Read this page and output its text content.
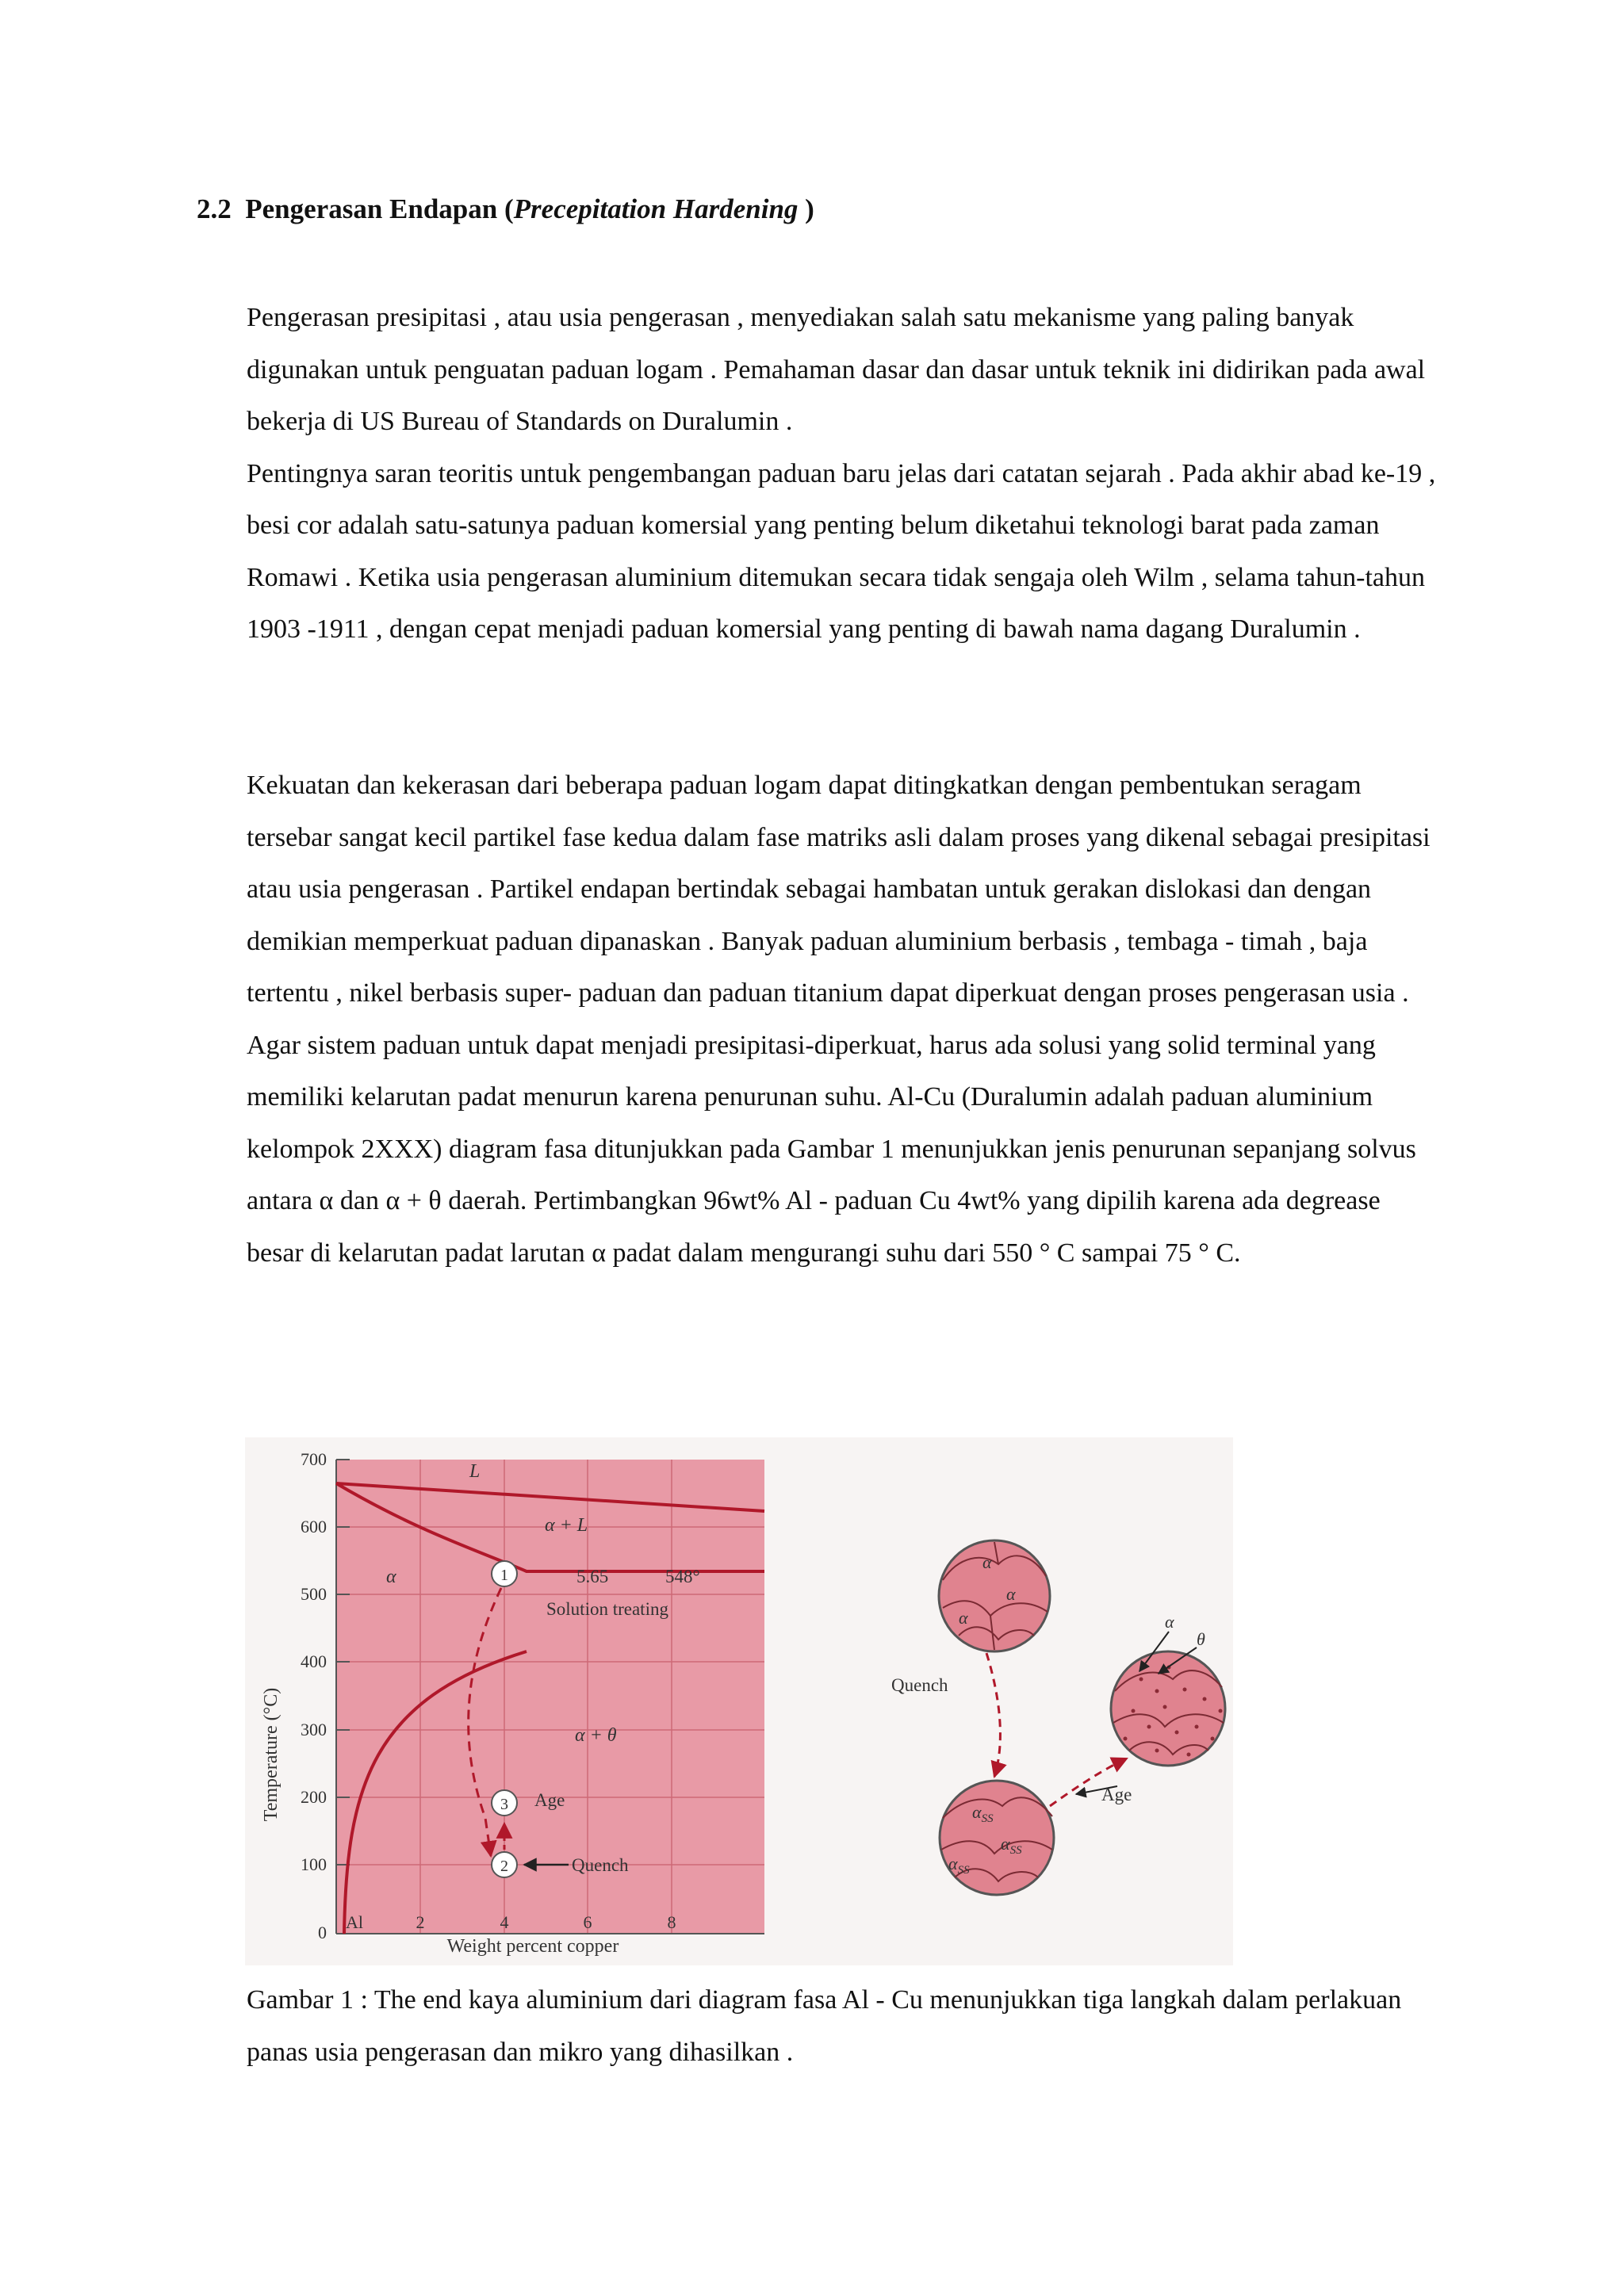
2.2 Pengerasan Endapan (Precepitation Hardening )
Pengerasan presipitasi , atau usia pengerasan , menyediakan salah satu mekanisme yang paling banyak digunakan untuk penguatan paduan logam . Pemahaman dasar dan dasar untuk teknik ini didirikan pada awal bekerja di US Bureau of Standards on Duralumin .
Pentingnya saran teoritis untuk pengembangan paduan baru jelas dari catatan sejarah . Pada akhir abad ke-19 , besi cor adalah satu-satunya paduan komersial yang penting belum diketahui teknologi barat pada zaman Romawi . Ketika usia pengerasan aluminium ditemukan secara tidak sengaja oleh Wilm , selama tahun-tahun 1903 -1911 , dengan cepat menjadi paduan komersial yang penting di bawah nama dagang Duralumin .
Kekuatan dan kekerasan dari beberapa paduan logam dapat ditingkatkan dengan pembentukan seragam tersebar sangat kecil partikel fase kedua dalam fase matriks asli dalam proses yang dikenal sebagai presipitasi atau usia pengerasan . Partikel endapan bertindak sebagai hambatan untuk gerakan dislokasi dan dengan demikian memperkuat paduan dipanaskan . Banyak paduan aluminium berbasis , tembaga - timah , baja tertentu , nikel berbasis super- paduan dan paduan titanium dapat diperkuat dengan proses pengerasan usia .
Agar sistem paduan untuk dapat menjadi presipitasi-diperkuat, harus ada solusi yang solid terminal yang memiliki kelarutan padat menurun karena penurunan suhu. Al-Cu (Duralumin adalah paduan aluminium kelompok 2XXX) diagram fasa ditunjukkan pada Gambar 1 menunjukkan jenis penurunan sepanjang solvus antara α dan α + θ daerah. Pertimbangkan 96wt% Al - paduan Cu 4wt% yang dipilih karena ada degrease besar di kelarutan padat larutan α padat dalam mengurangi suhu dari 550 ° C sampai 75 ° C.
700
600
500
400
300
200
100
0
Temperature (°C)
Al	2	4	6	8
Weight percent copper
L
α + L
α
α + θ
5.65	548°
Solution treating
Age
Quench
1
2
3
α
α
α	α
θ
$\alpha_{SS}$
$\alpha_{SS}$
$\alpha_{SS}$
Quench
Age
Gambar 1 : The end kaya aluminium dari diagram fasa Al - Cu menunjukkan tiga langkah dalam perlakuan panas usia pengerasan dan mikro yang dihasilkan .
